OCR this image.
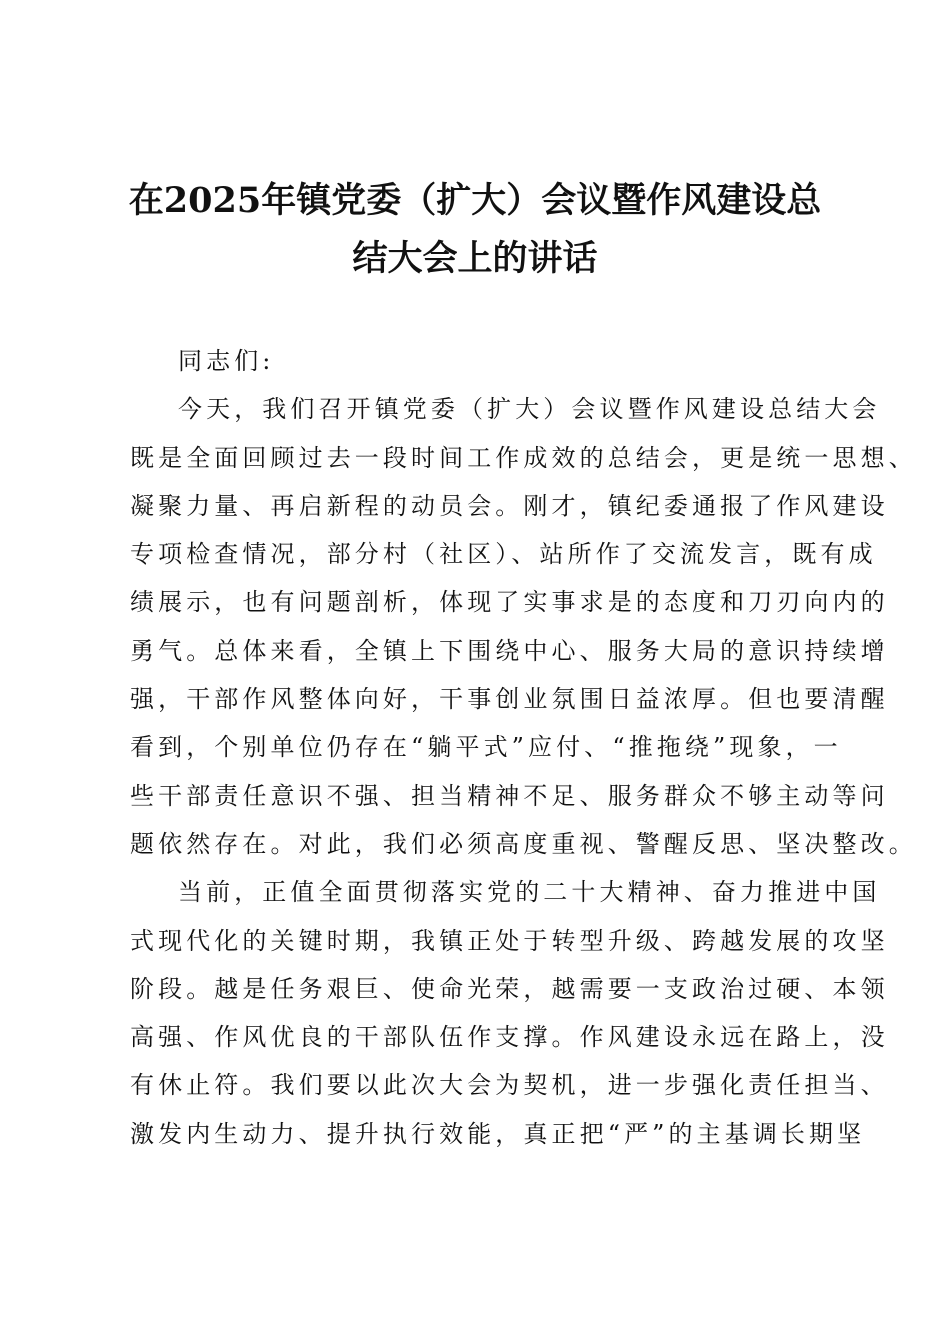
在2025年镇党委（扩大）会议暨作风建设总
结大会上的讲话
同志们:
今天，我们召开镇党委（扩大）会议暨作风建设总结大会
既是全面回顾过去一段时间工作成效的总结会，更是统一思想、
凝聚力量、再启新程的动员会。刚才，镇纪委通报了作风建设
专项检查情况，部分村（社区）、站所作了交流发言，既有成
绩展示，也有问题剖析，体现了实事求是的态度和刀刃向内的
勇气。总体来看，全镇上下围绕中心、服务大局的意识持续增
强，干部作风整体向好，干事创业氛围日益浓厚。但也要清醒
看到，个别单位仍存在“躺平式”应付、“推拖绕”现象，一
些干部责任意识不强、担当精神不足、服务群众不够主动等问
题依然存在。对此，我们必须高度重视、警醒反思、坚决整改。
当前，正值全面贯彻落实党的二十大精神、奋力推进中国
式现代化的关键时期，我镇正处于转型升级、跨越发展的攻坚
阶段。越是任务艰巨、使命光荣，越需要一支政治过硬、本领
高强、作风优良的干部队伍作支撑。作风建设永远在路上，没
有休止符。我们要以此次大会为契机，进一步强化责任担当、
激发内生动力、提升执行效能，真正把“严”的主基调长期坚
